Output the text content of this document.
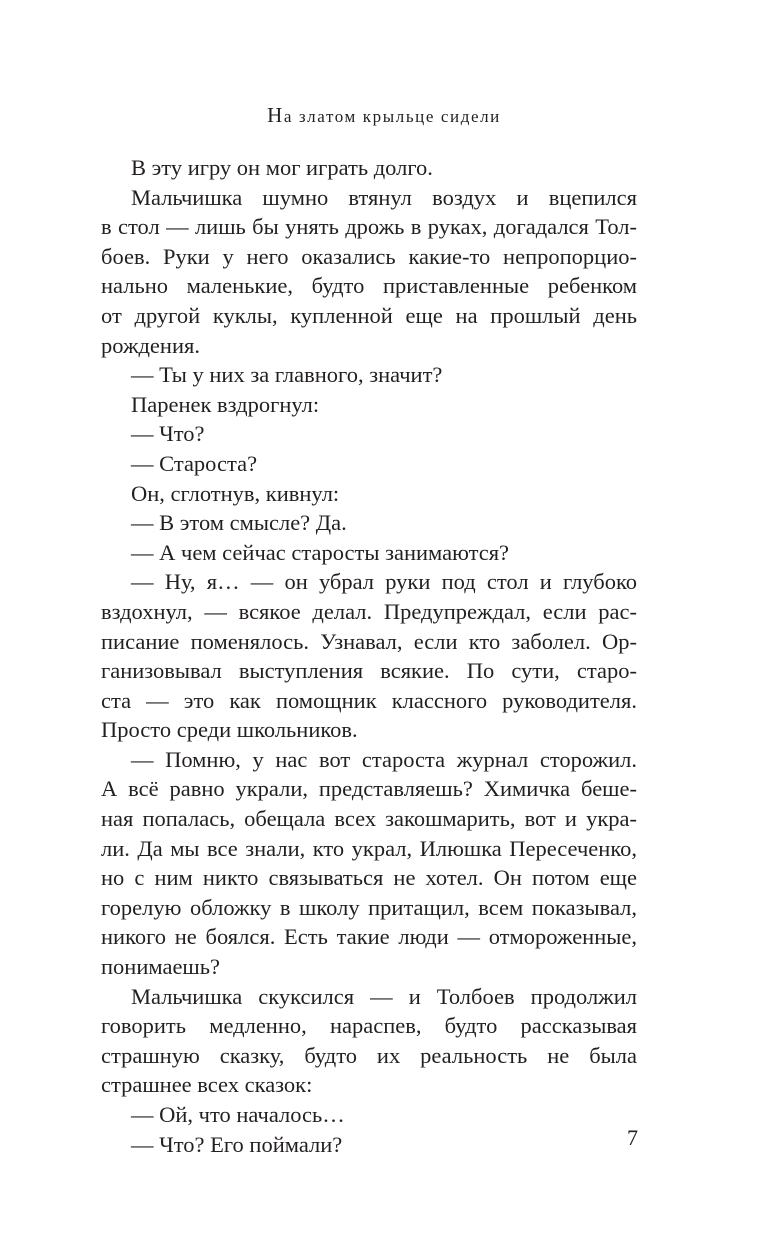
На златом крыльце сидели
В эту игру он мог играть долго.
Мальчишка шумно втянул воздух и вцепился
в стол — лишь бы унять дрожь в руках, догадался Тол-
боев. Руки у него оказались какие-то непропорцио-
нально маленькие, будто приставленные ребенком
от другой куклы, купленной еще на прошлый день
рождения.
— Ты у них за главного, значит?
Паренек вздрогнул:
— Что?
— Староста?
Он, сглотнув, кивнул:
— В этом смысле? Да.
— А чем сейчас старосты занимаются?
— Ну, я… — он убрал руки под стол и глубоко
вздохнул, — всякое делал. Предупреждал, если рас-
писание поменялось. Узнавал, если кто заболел. Ор-
ганизовывал выступления всякие. По сути, старо-
ста — это как помощник классного руководителя.
Просто среди школьников.
— Помню, у нас вот староста журнал сторожил.
А всё равно украли, представляешь? Химичка беше-
ная попалась, обещала всех закошмарить, вот и укра-
ли. Да мы все знали, кто украл, Илюшка Пересеченко,
но с ним никто связываться не хотел. Он потом еще
горелую обложку в школу притащил, всем показывал,
никого не боялся. Есть такие люди — отмороженные,
понимаешь?
Мальчишка скуксился — и Толбоев продолжил
говорить медленно, нараспев, будто рассказывая
страшную сказку, будто их реальность не была
страшнее всех сказок:
— Ой, что началось…
— Что? Его поймали?	7
